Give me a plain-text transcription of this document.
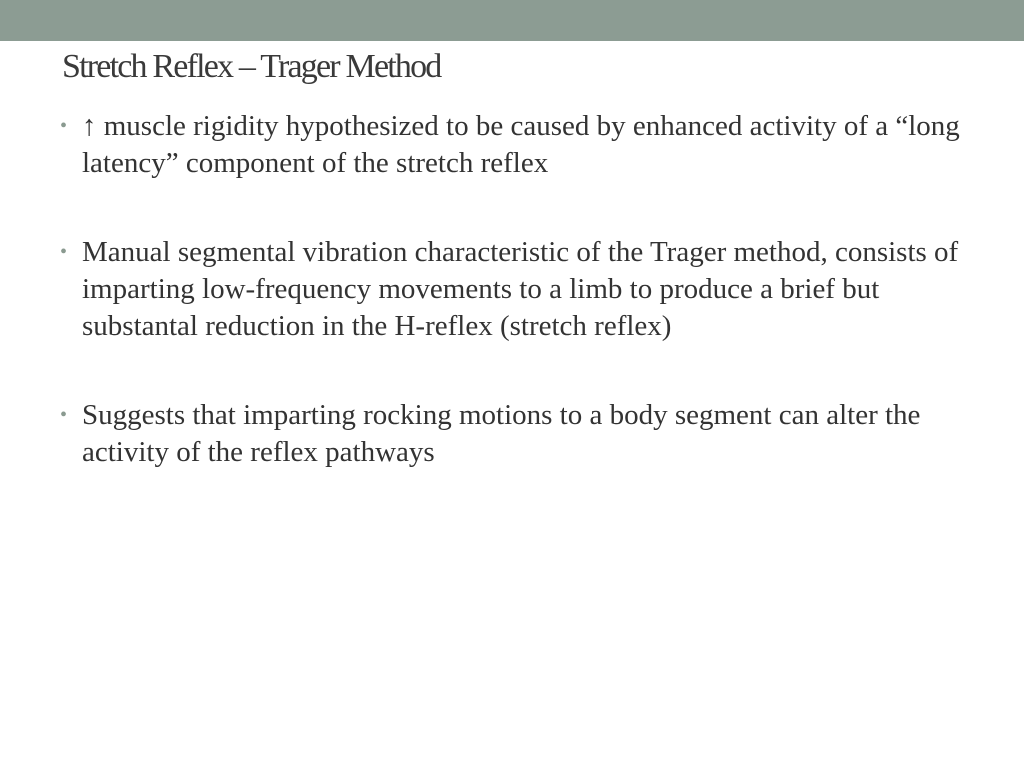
Stretch Reflex – Trager Method
• ↑ muscle rigidity hypothesized to be caused by enhanced activity of a “long latency” component of the stretch reflex
• Manual segmental vibration characteristic of the Trager method, consists of imparting low-frequency movements to a limb to produce a brief but substantal reduction in the H-reflex (stretch reflex)
• Suggests that imparting rocking motions to a body segment can alter the activity of the reflex pathways
